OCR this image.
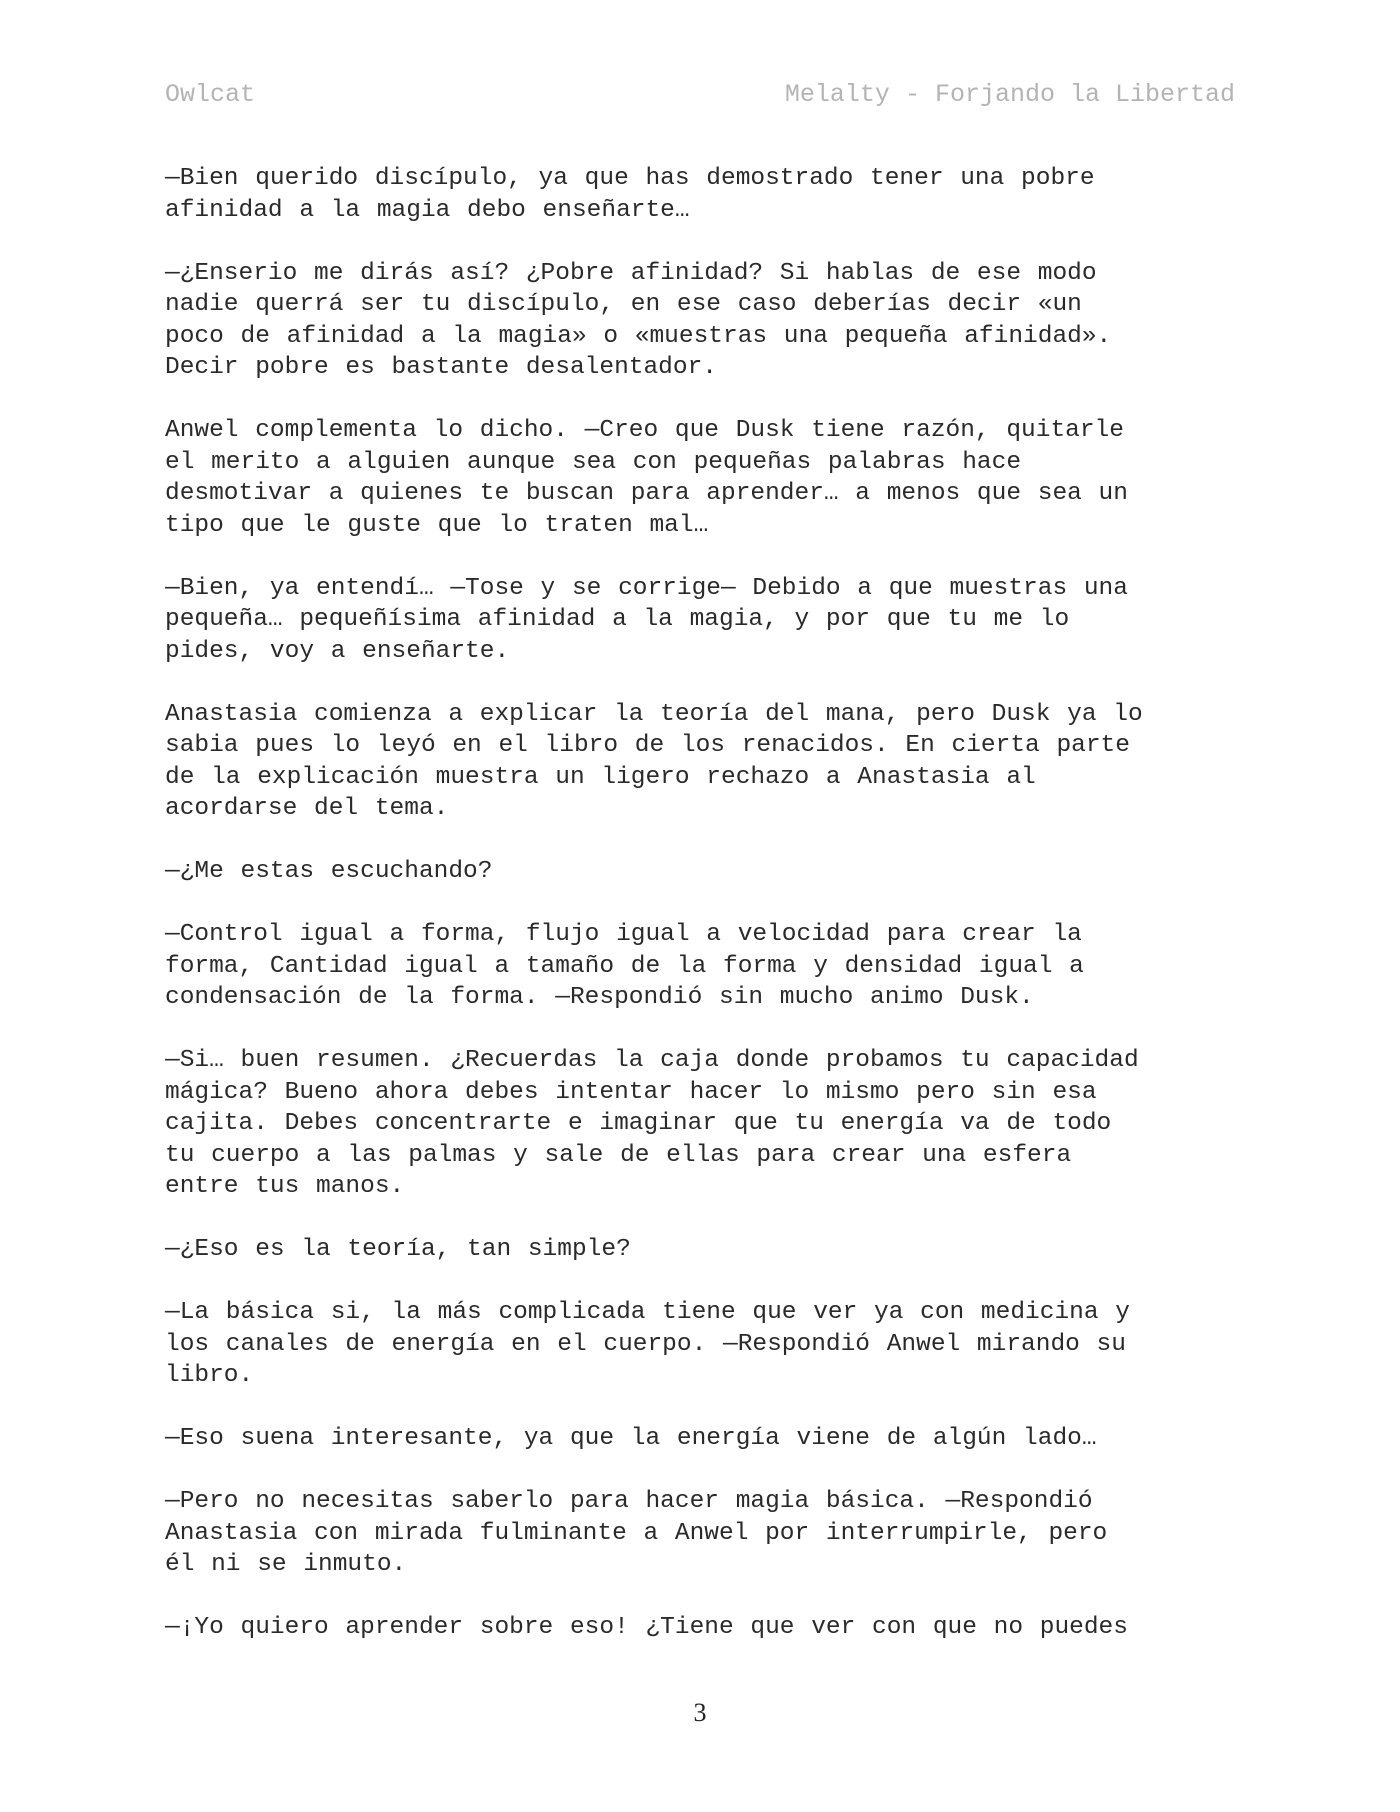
Owlcat	Melalty - Forjando la Libertad

—Bien querido discípulo, ya que has demostrado tener una pobre
afinidad a la magia debo enseñarte…

—¿Enserio me dirás así? ¿Pobre afinidad? Si hablas de ese modo
nadie querrá ser tu discípulo, en ese caso deberías decir «un
poco de afinidad a la magia» o «muestras una pequeña afinidad».
Decir pobre es bastante desalentador.

Anwel complementa lo dicho. —Creo que Dusk tiene razón, quitarle
el merito a alguien aunque sea con pequeñas palabras hace
desmotivar a quienes te buscan para aprender… a menos que sea un
tipo que le guste que lo traten mal…

—Bien, ya entendí… —Tose y se corrige— Debido a que muestras una
pequeña… pequeñísima afinidad a la magia, y por que tu me lo
pides, voy a enseñarte.

Anastasia comienza a explicar la teoría del mana, pero Dusk ya lo
sabia pues lo leyó en el libro de los renacidos. En cierta parte
de la explicación muestra un ligero rechazo a Anastasia al
acordarse del tema.

—¿Me estas escuchando?

—Control igual a forma, flujo igual a velocidad para crear la
forma, Cantidad igual a tamaño de la forma y densidad igual a
condensación de la forma. —Respondió sin mucho animo Dusk.

—Si… buen resumen. ¿Recuerdas la caja donde probamos tu capacidad
mágica? Bueno ahora debes intentar hacer lo mismo pero sin esa
cajita. Debes concentrarte e imaginar que tu energía va de todo
tu cuerpo a las palmas y sale de ellas para crear una esfera
entre tus manos.

—¿Eso es la teoría, tan simple?

—La básica si, la más complicada tiene que ver ya con medicina y
los canales de energía en el cuerpo. —Respondió Anwel mirando su
libro.

—Eso suena interesante, ya que la energía viene de algún lado…

—Pero no necesitas saberlo para hacer magia básica. —Respondió
Anastasia con mirada fulminante a Anwel por interrumpirle, pero
él ni se inmuto.

—¡Yo quiero aprender sobre eso! ¿Tiene que ver con que no puedes

3
